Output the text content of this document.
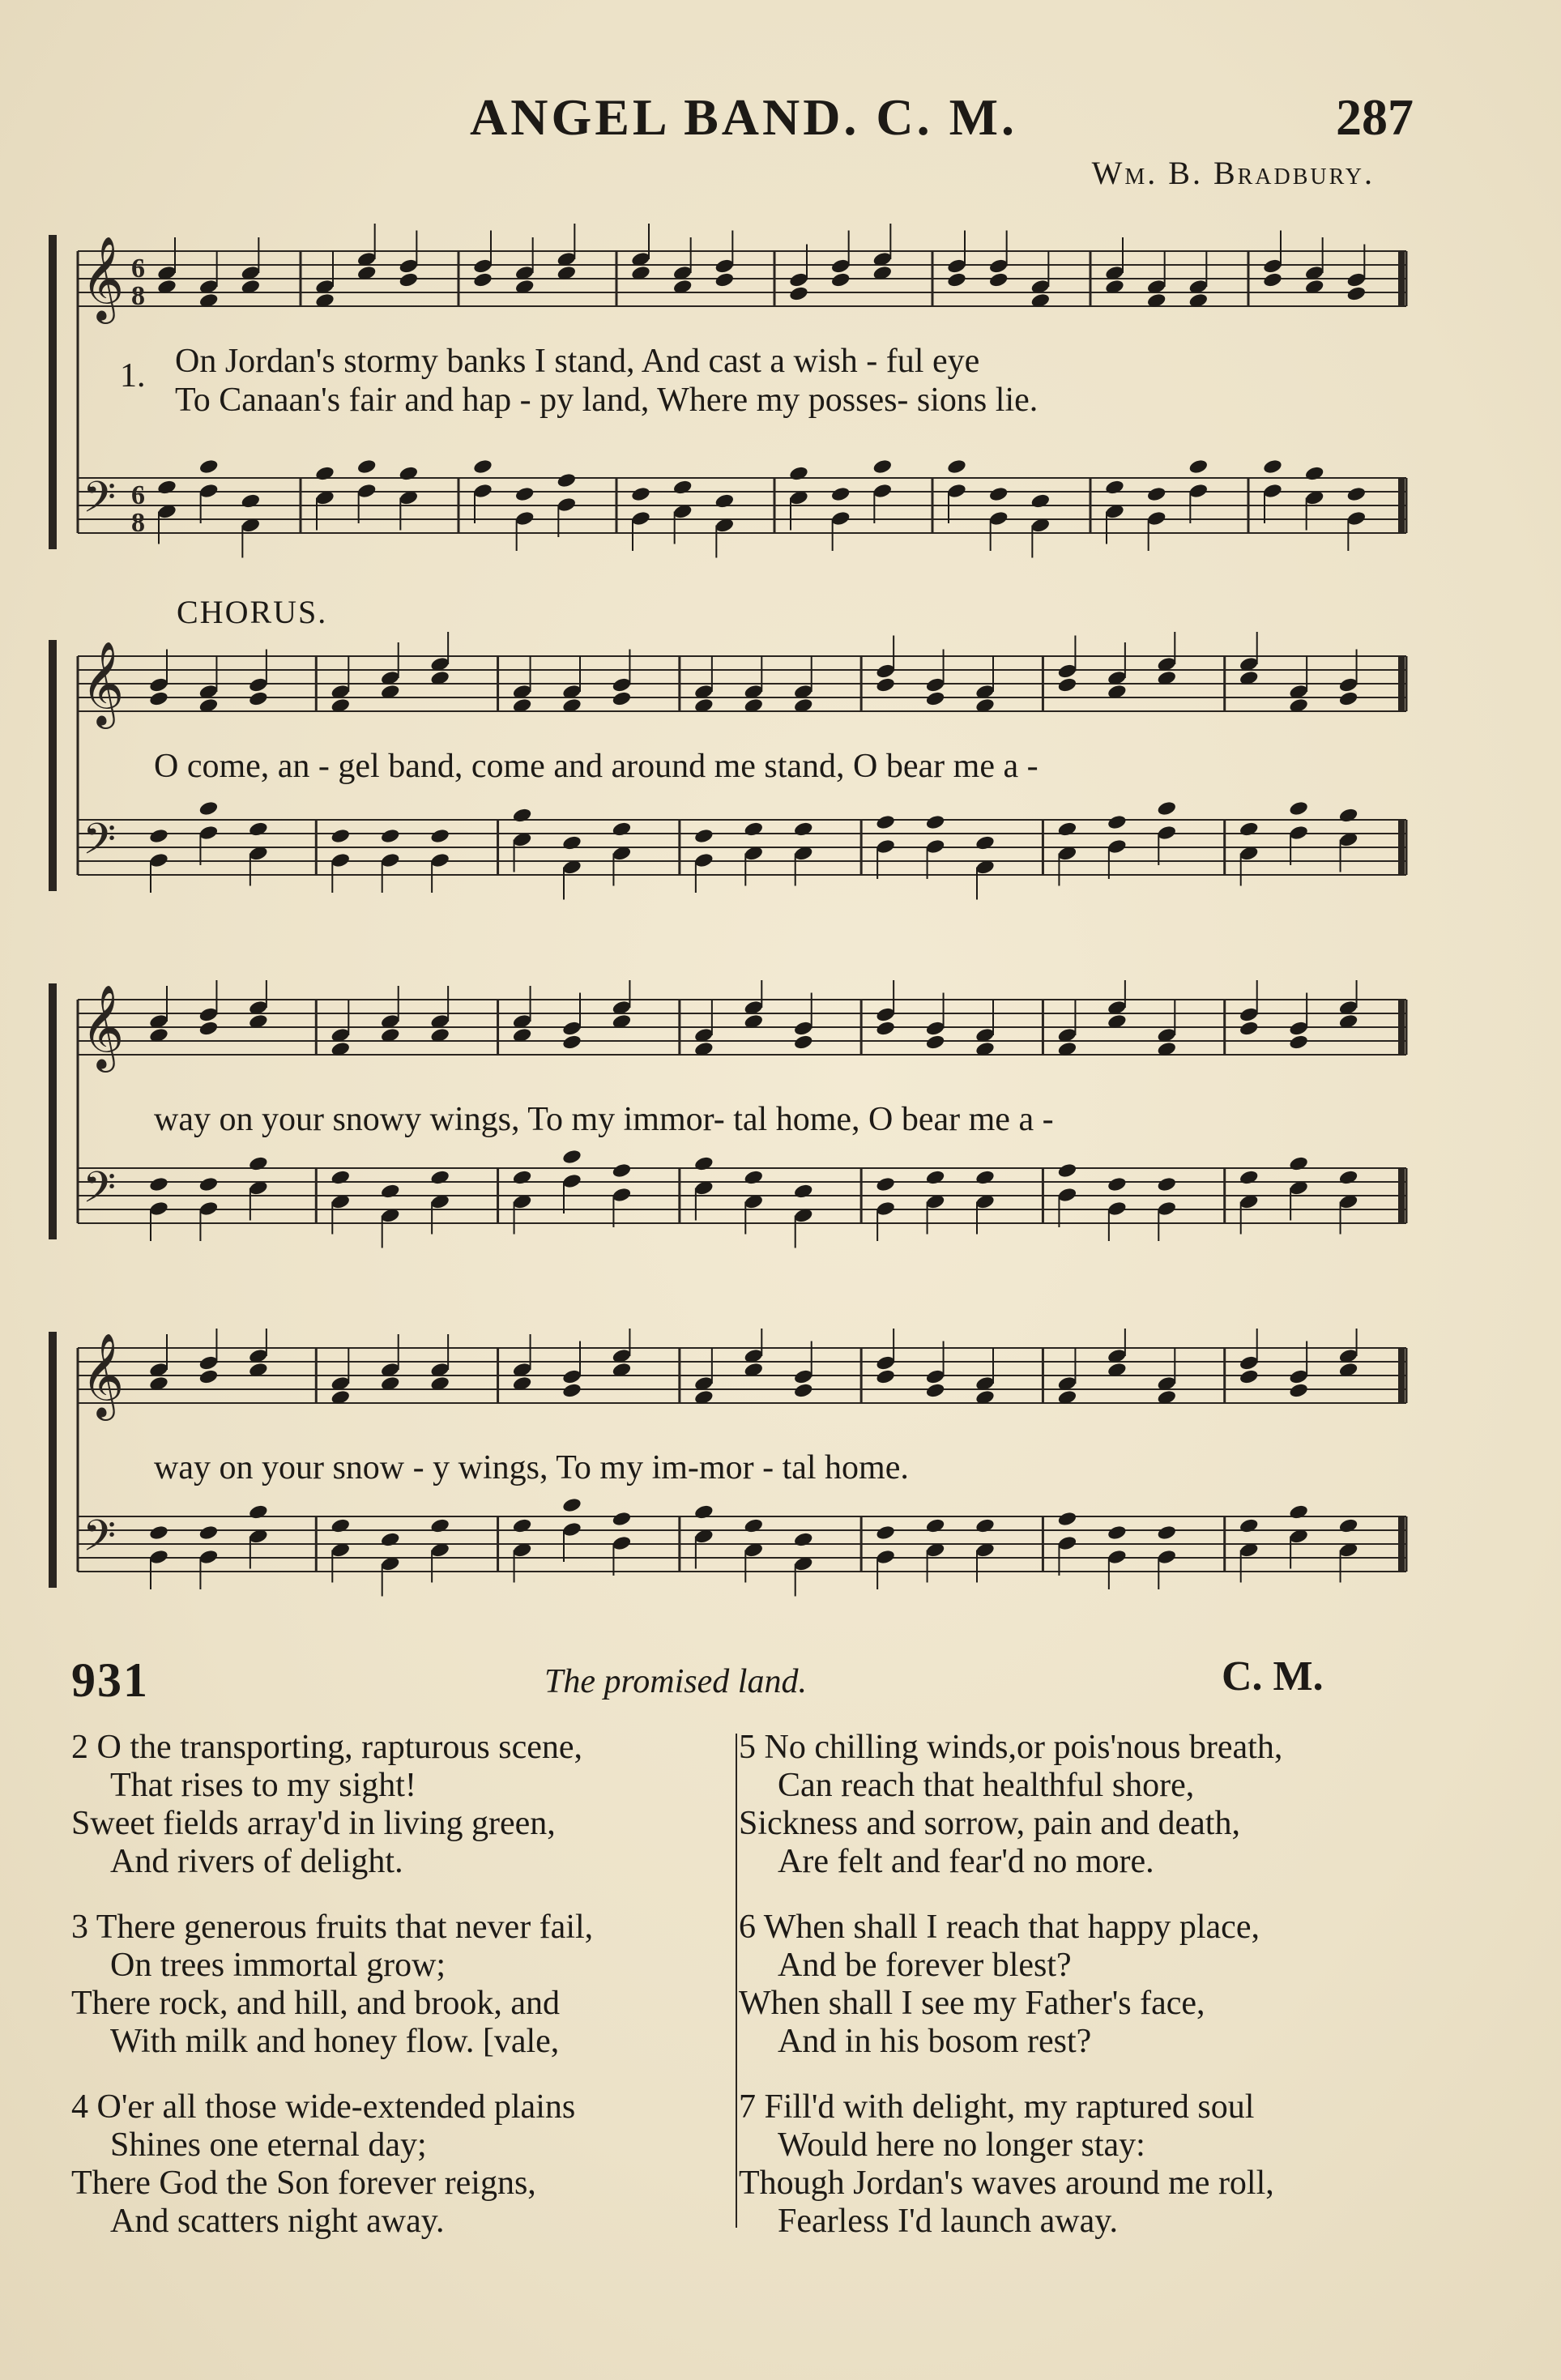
ANGEL BAND. C. M.	287
Wm. B. Bradbury.
𝄞
𝄢
6
8
6
8
1. On Jordan's stormy banks I stand, And cast a wish - ful eye
To Canaan's fair and hap - py land, Where my posses- sions lie.
CHORUS.
𝄞
𝄢
O come, an - gel band, come and around me stand, O bear me a -
𝄞
𝄢
way on your snowy wings, To my immor- tal home, O bear me a -
𝄞
𝄢
way on your snow - y wings, To my im-mor - tal home.
931	The promised land.	C. M.
2 O the transporting, rapturous scene,
That rises to my sight!
Sweet fields array'd in living green,
And rivers of delight.
3 There generous fruits that never fail,
On trees immortal grow;
There rock, and hill, and brook, and
With milk and honey flow. [vale,
4 O'er all those wide-extended plains
Shines one eternal day;
There God the Son forever reigns,
And scatters night away.
5 No chilling winds,or pois'nous breath,
Can reach that healthful shore,
Sickness and sorrow, pain and death,
Are felt and fear'd no more.
6 When shall I reach that happy place,
And be forever blest?
When shall I see my Father's face,
And in his bosom rest?
7 Fill'd with delight, my raptured soul
Would here no longer stay:
Though Jordan's waves around me roll,
Fearless I'd launch away.
